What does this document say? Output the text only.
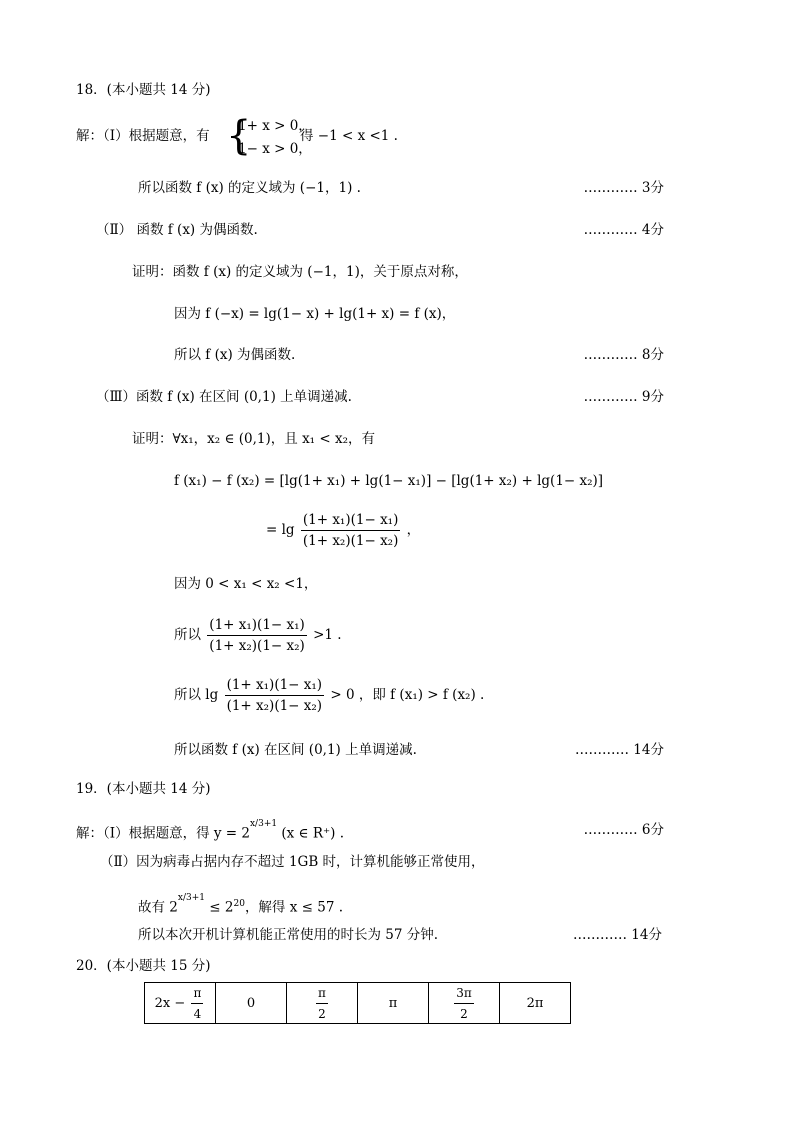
18．(本小题共 14 分)
解：（Ⅰ）根据题意，有 {
1+ x > 0，
1− x > 0，
得 −1 < x <1 .
所以函数 f (x) 的定义域为 (−1，1) .	………… 3分
（Ⅱ） 函数 f (x) 为偶函数.	………… 4分
证明：函数 f (x) 的定义域为 (−1，1)，关于原点对称，
因为 f (−x) = lg(1− x) + lg(1+ x) = f (x)，
所以 f (x) 为偶函数.	………… 8分
（Ⅲ）函数 f (x) 在区间 (0,1) 上单调递减.	………… 9分
证明：∀x₁，x₂ ∈ (0,1)，且 x₁ < x₂，有
f (x₁) − f (x₂) = [lg(1+ x₁) + lg(1− x₁)] − [lg(1+ x₂) + lg(1− x₂)]
= $\lg \frac{\text{(1+ x₁)(1− x₁)}}{\text{(1+ x₂)(1− x₂)}}$ ，
因为 0 < x₁ < x₂ <1，
所以 $\frac{\text{(1+ x₁)(1− x₁)}}{\text{(1+ x₂)(1− x₂)}} >1$ .
所以 $\lg \frac{\text{(1+ x₁)(1− x₁)}}{\text{(1+ x₂)(1− x₂)}} > 0$ ，即 f (x₁) > f (x₂) .
所以函数 f (x) 在区间 (0,1) 上单调递减.	………… 14分
19．(本小题共 14 分)
解：（Ⅰ）根据题意，得 $y = 2^{x/3+1}$ (x ∈ R⁺) .	………… 6分
（Ⅱ）因为病毒占据内存不超过 1GB 时，计算机能够正常使用，
故有 $2^{x/3+1} \le 2^{20}$，解得 x ≤ 57 .
所以本次开机计算机能正常使用的时长为 57 分钟.	………… 14分
20．(本小题共 15 分)
$2x - \frac{\pi}{4}$	0	$\frac{\pi}{2}$	π	$\frac{3\pi}{2}$	2π
